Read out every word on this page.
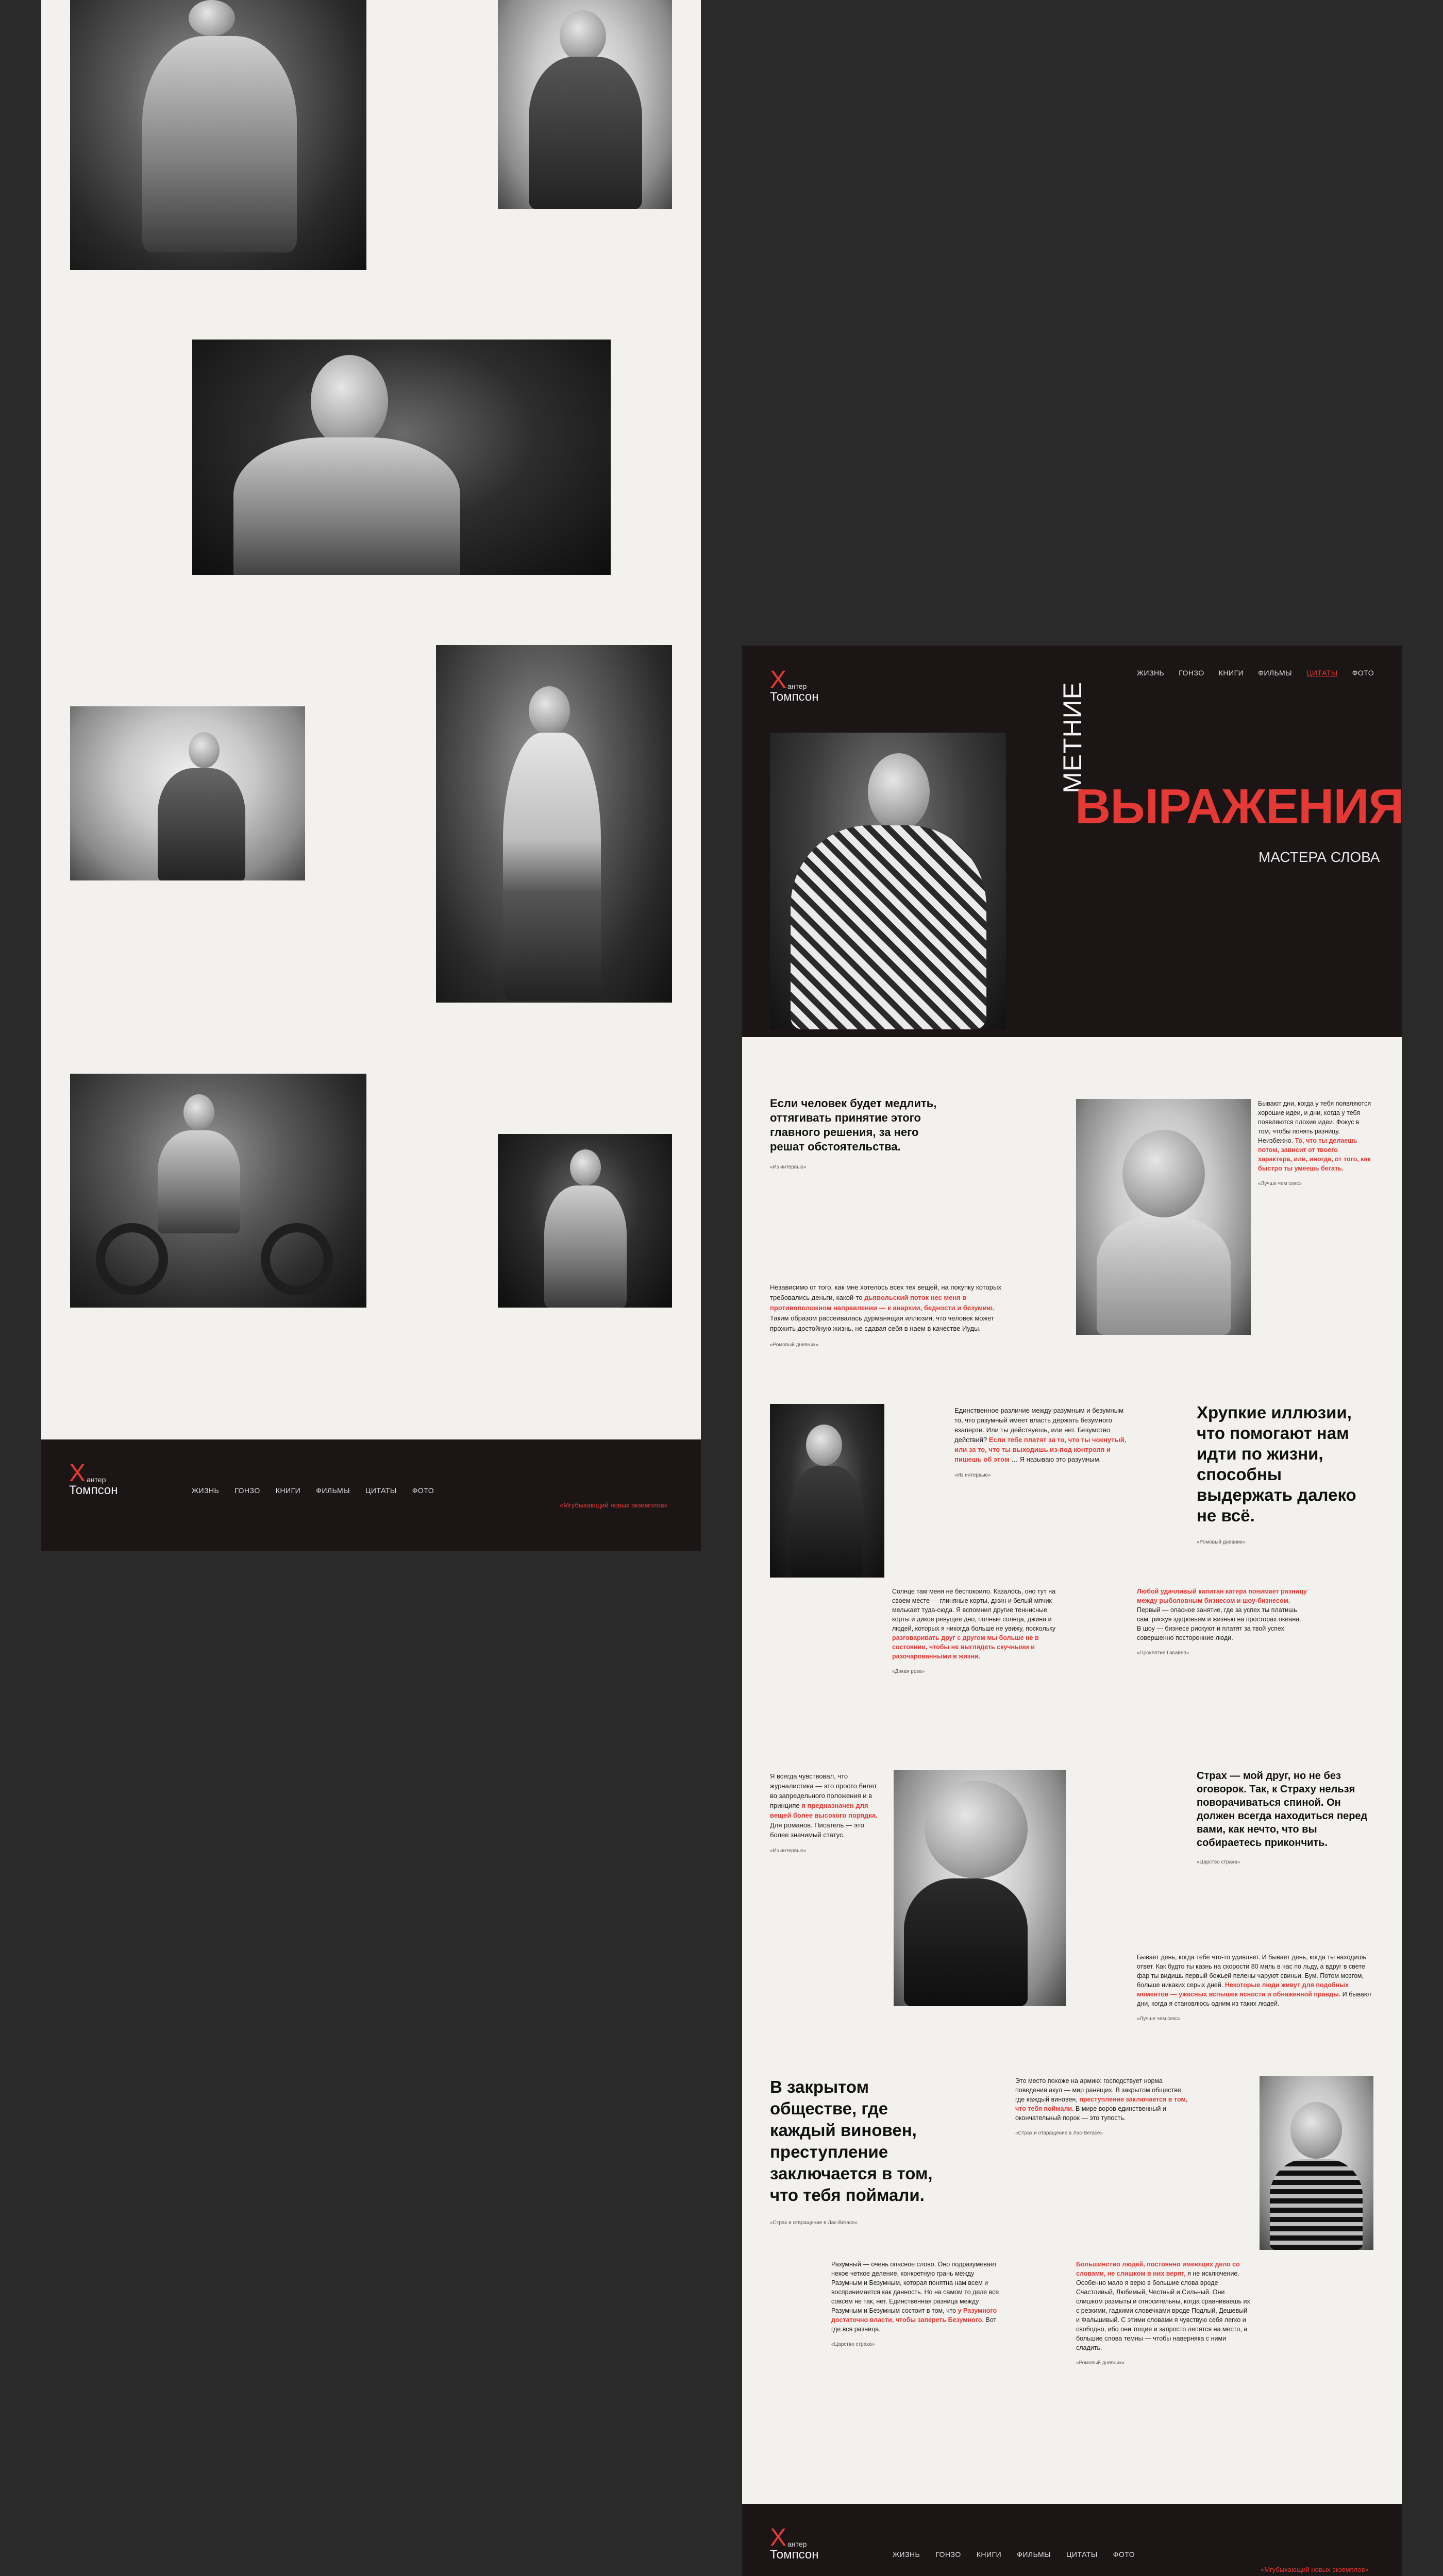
Хантер
Томпсон	ЖИЗНЬ ГОНЗО КНИГИ ФИЛЬМЫ ЦИТАТЫ ФОТО
«Мгубыхающий новых экземплов»
Хантер
Томпсон
ЖИЗНЬ ГОНЗО КНИГИ ФИЛЬМЫ ЦИТАТЫ ФОТО
МЕТНИЕ
ВЫРАЖЕНИЯ
МАСТЕРА СЛОВА
Если человек будет медлить, оттягивать принятие этого главного решения, за него решат обстоятельства.
«Из интервью»
Бывают дни, когда у тебя появляются хорошие идеи, и дни, когда у тебя появляются плохие идеи. Фокус в том, чтобы понять разницу. Неизбежно. То, что ты делаешь потом, зависит от твоего характера, или, иногда, от того, как быстро ты умеешь бегать.
«Лучше чем секс»
Независимо от того, как мне хотелось всех тех вещей, на покупку которых требовались деньги, какой-то дьявольский поток нес меня в противоположном направлении — к анархии, бедности и безумию. Таким образом рассеивалась дурманящая иллюзия, что человек может прожить достойную жизнь, не сдавая себя в наем в качестве Иуды.
«Ромовый дневник»
Единственное различие между разумным и безумным то, что разумный имеет власть держать безумного взаперти. Или ты действуешь, или нет. Безумство действий? Если тебе платят за то, что ты чокнутый, или за то, что ты выходишь из-под контроля и пишешь об этом … Я называю это разумным.
«Из интервью»
Хрупкие иллюзии, что помогают нам идти по жизни, способны выдержать далеко не всё.
«Ромовый дневник»
Солнце там меня не беспокоило. Казалось, оно тут на своем месте — глиняные корты, джин и белый мячик мелькает туда-сюда. Я вспомнил другие теннисные корты и дикое ревущее дно, полные солнца, джина и людей, которых я никогда больше не увижу, поскольку разговаривать друг с другом мы больше не в состоянии, чтобы не выглядеть скучными и разочарованными в жизни.
«Дикая роза»
Любой удачливый капитан катера понимает разницу между рыболовным бизнесом и шоу-бизнесом. Первый — опасное занятие, где за успех ты платишь сам, рискуя здоровьем и жизнью на просторах океана. В шоу — бизнесе рискуют и платят за твой успех совершенно посторонние люди.
«Проклятие Гавайев»
Я всегда чувствовал, что журналистика — это просто билет во запредельного положения и в принципе я предназначен для вещей более высокого порядка. Для романов. Писатель — это более значимый статус.
«Из интервью»
Страх — мой друг, но не без оговорок. Так, к Страху нельзя поворачиваться спиной. Он должен всегда находиться перед вами, как нечто, что вы собираетесь прикончить.
«Царство страха»
Бывает день, когда тебе что-то удивляет. И бывает день, когда ты находишь ответ. Как будто ты казнь на скорости 80 миль в час по льду, а вдруг в свете фар ты видишь первый божьей пелены чаруют свиньи. Бум. Потом мозгом, больше никаких серых дней. Некоторые люди живут для подобных моментов — ужасных вспышек ясности и обнаженной правды. И бывают дни, когда я становлюсь одним из таких людей.
«Лучше чем секс»
В закрытом обществе, где каждый виновен, преступление заключается в том, что тебя поймали.
«Страх и отвращение в Лас-Вегасе»
Это место похоже на армию: господствует норма поведения акул — мир ранящих. В закрытом обществе, где каждый виновен, преступление заключается в том, что тебя поймали. В мире воров единственный и окончательный порок — это тупость.
«Страх и отвращение в Лас-Вегасе»
Разумный — очень опасное слово. Оно подразумевает некое четкое деление, конкретную грань между Разумным и Безумным, которая понятна нам всем и воспринимается как данность. Но на самом то деле все совсем не так, нет. Единственная разница между Разумным и Безумным состоит в том, что у Разумного достаточно власти, чтобы запереть Безумного. Вот где вся разница.
«Царство страха»
Большинство людей, постоянно имеющих дело со словами, не слишком в них верят, я не исключение. Особенно мало я верю в большие слова вроде Счастливый, Любимый, Честный и Сильный. Они слишком размыты и относительны, когда сравниваешь их с резкими, гадкими словечками вроде Подлый, Дешевый и Фальшивый. С этими словами я чувствую себя легко и свободно, ибо они тощие и запросто лепятся на место, а большие слова темны — чтобы наверняка с ними сладить.
«Ромовый дневник»
Хантер
Томпсон	ЖИЗНЬ ГОНЗО КНИГИ ФИЛЬМЫ ЦИТАТЫ ФОТО
«Мгубыхающий новых экземплов»
